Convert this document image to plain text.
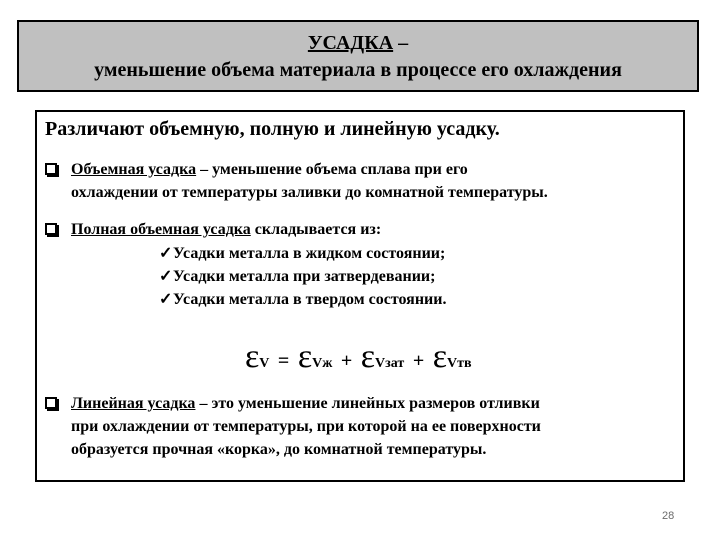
УСАДКА –
уменьшение объема материала в процессе его охлаждения
Различают объемную, полную и линейную усадку.
Объемная усадка – уменьшение объема сплава при его
охлаждении от температуры заливки до комнатной температуры.
Полная объемная усадка складывается из:
✓Усадки металла в жидком состоянии;
✓Усадки металла при затвердевании;
✓Усадки металла в твердом состоянии.
εV = εVж + εVзат + εVтв
Линейная усадка – это уменьшение линейных размеров отливки
при охлаждении от температуры, при которой на ее поверхности
образуется прочная «корка», до комнатной температуры.
28
